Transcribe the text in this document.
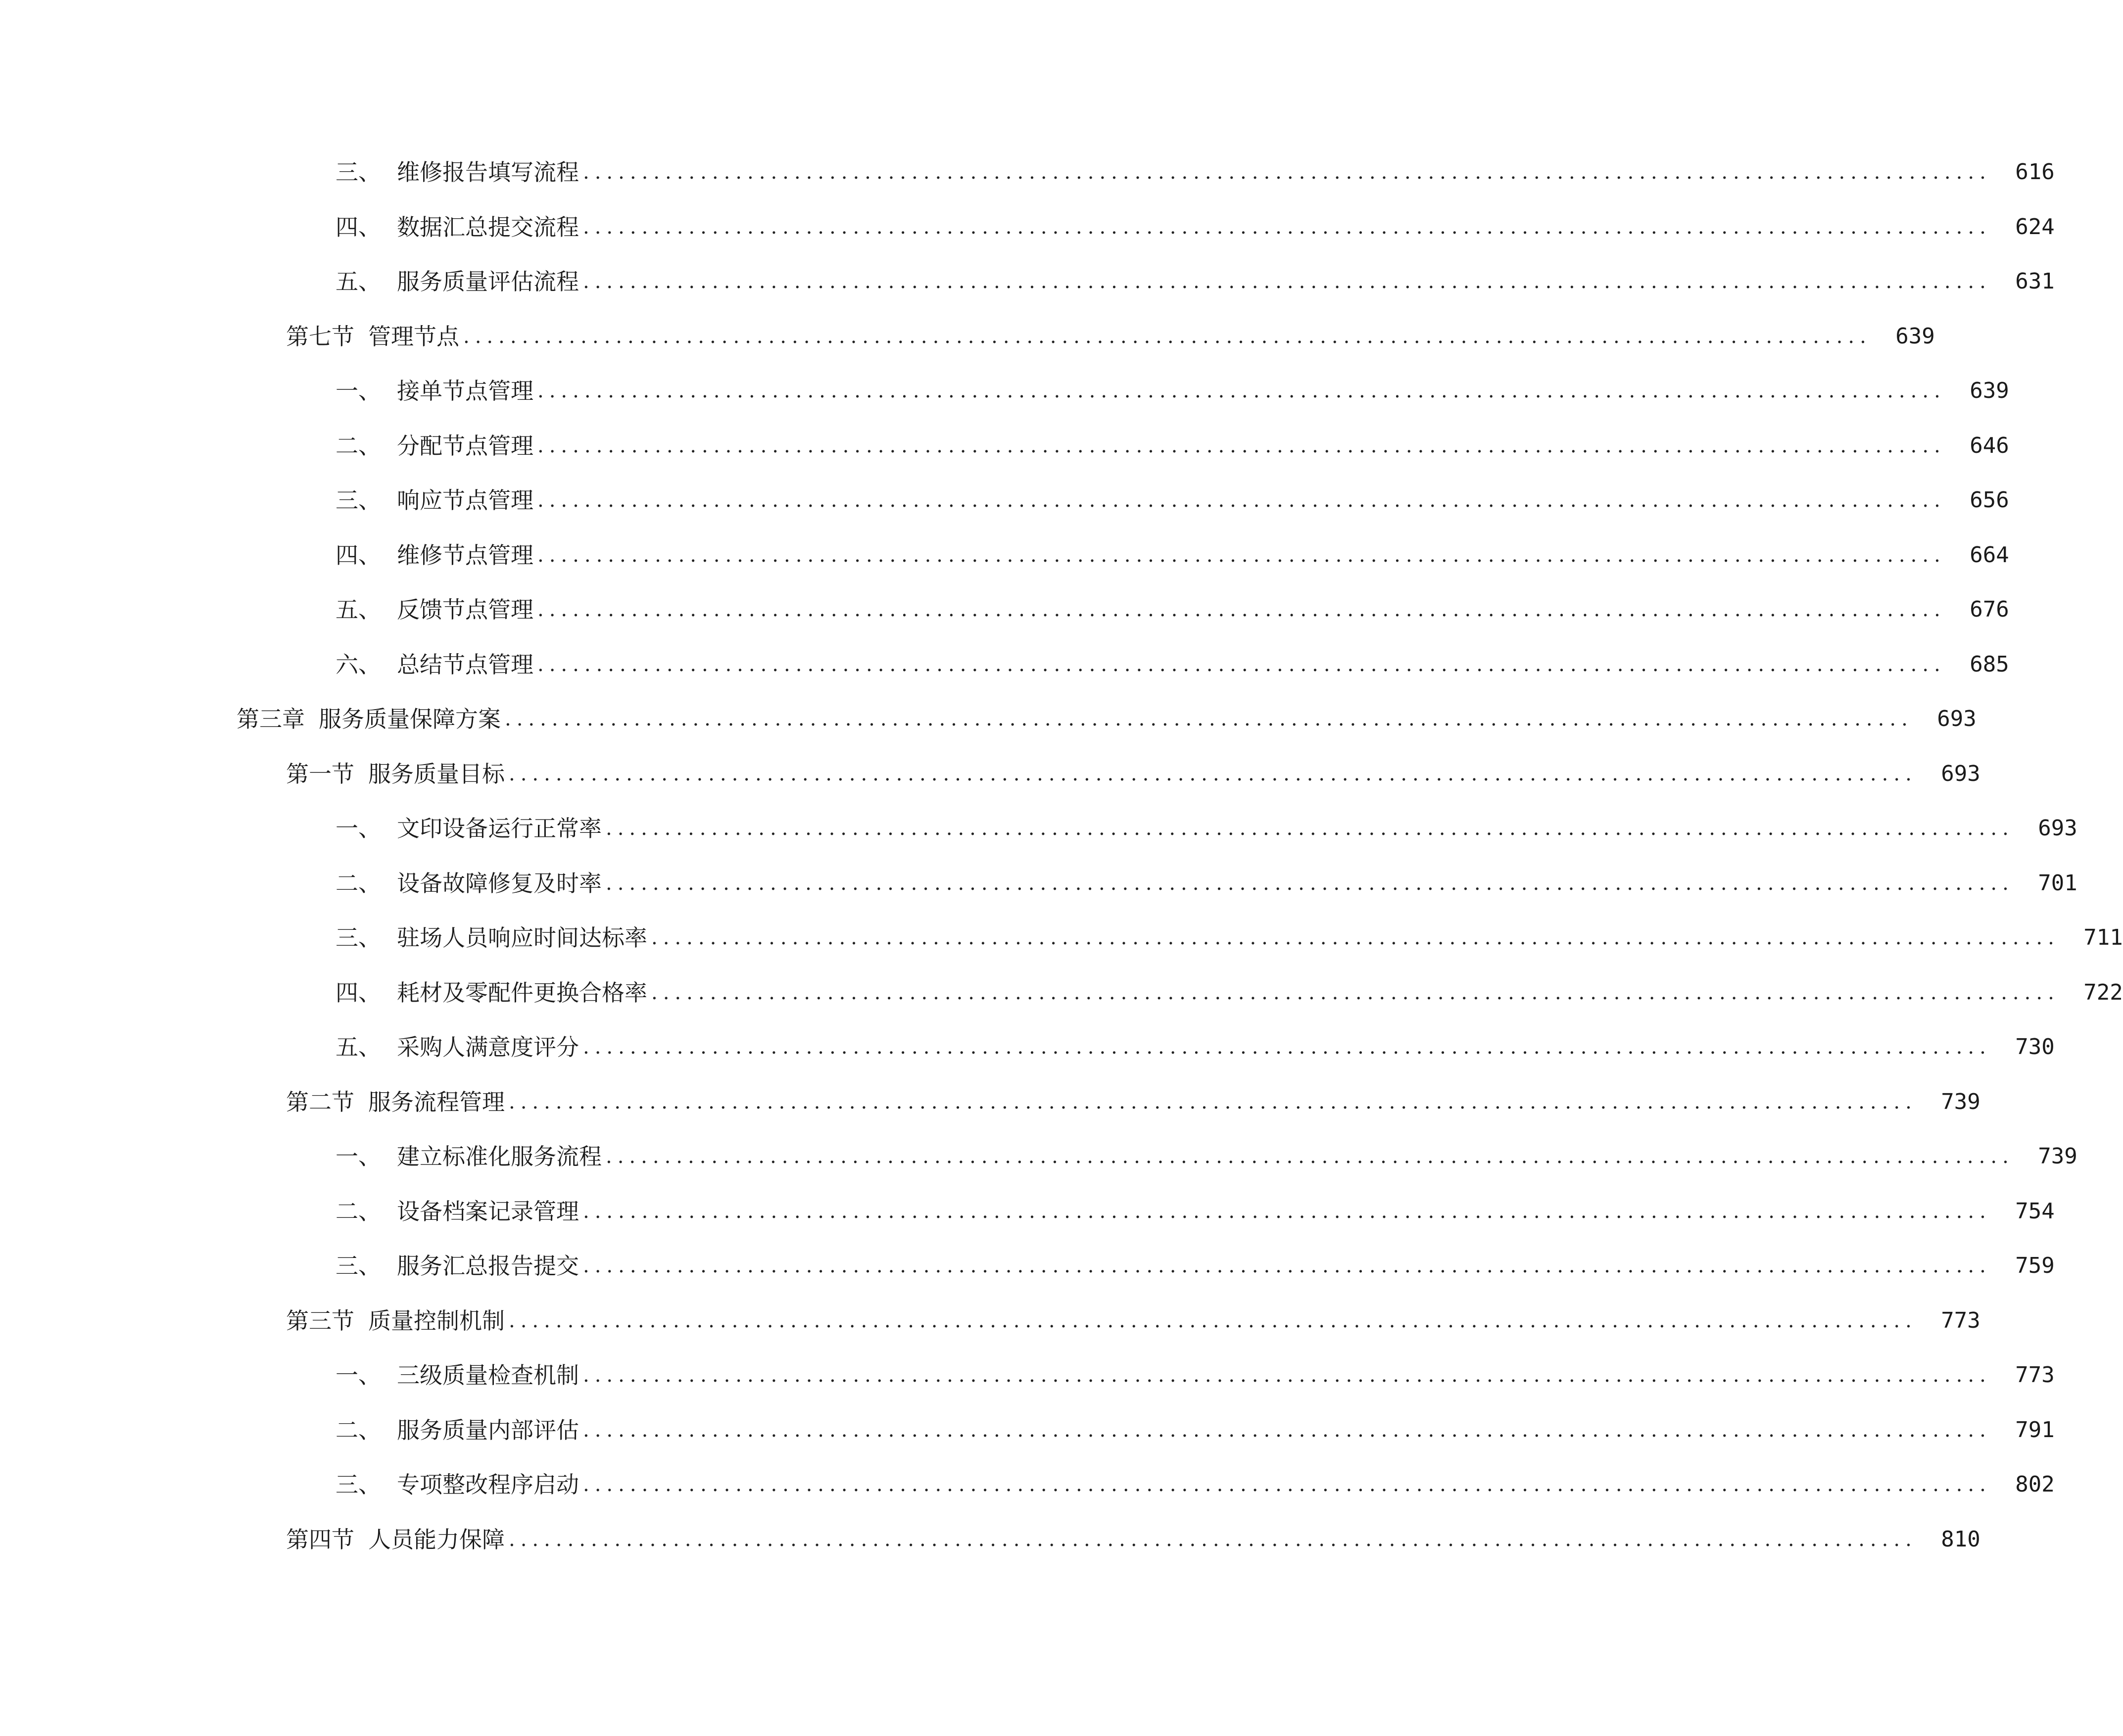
三、 维修报告填写流程 ........................................................................................................................	616
四、 数据汇总提交流程 ........................................................................................................................	624
五、 服务质量评估流程 ........................................................................................................................	631
第七节 管理节点 ........................................................................................................................	639
一、 接单节点管理 ........................................................................................................................	639
二、 分配节点管理 ........................................................................................................................	646
三、 响应节点管理 ........................................................................................................................	656
四、 维修节点管理 ........................................................................................................................	664
五、 反馈节点管理 ........................................................................................................................	676
六、 总结节点管理 ........................................................................................................................	685
第三章 服务质量保障方案 ........................................................................................................................	693
第一节 服务质量目标 ........................................................................................................................	693
一、 文印设备运行正常率 ........................................................................................................................	693
二、 设备故障修复及时率 ........................................................................................................................	701
三、 驻场人员响应时间达标率 ........................................................................................................................	711
四、 耗材及零配件更换合格率 ........................................................................................................................	722
五、 采购人满意度评分 ........................................................................................................................	730
第二节 服务流程管理 ........................................................................................................................	739
一、 建立标准化服务流程 ........................................................................................................................	739
二、 设备档案记录管理 ........................................................................................................................	754
三、 服务汇总报告提交 ........................................................................................................................	759
第三节 质量控制机制 ........................................................................................................................	773
一、 三级质量检查机制 ........................................................................................................................	773
二、 服务质量内部评估 ........................................................................................................................	791
三、 专项整改程序启动 ........................................................................................................................	802
第四节 人员能力保障 ........................................................................................................................	810
